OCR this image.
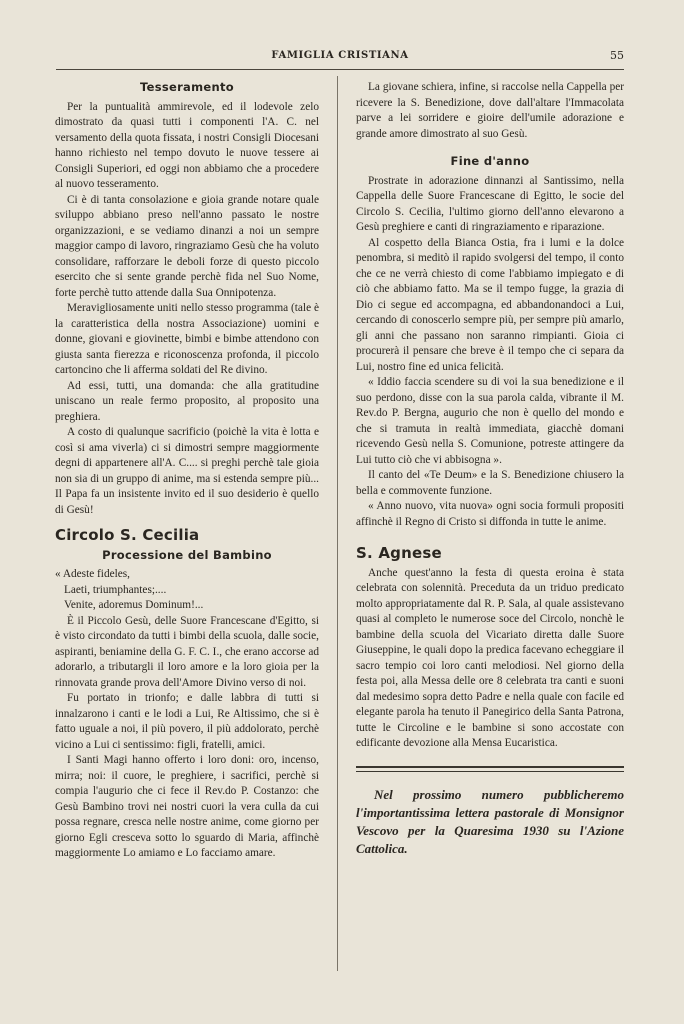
FAMIGLIA CRISTIANA	55
Tesseramento

Per la puntualità ammirevole, ed il lodevole zelo dimostrato da quasi tutti i componenti l'A. C. nel versamento della quota fissata, i nostri Consigli Diocesani hanno richiesto nel tempo dovuto le nuove tessere ai Consigli Superiori, ed oggi non abbiamo che a procedere al nuovo tesseramento.

Ci è di tanta consolazione e gioia grande notare quale sviluppo abbiano preso nell'anno passato le nostre organizzazioni, e se vediamo dinanzi a noi un sempre maggior campo di lavoro, ringraziamo Gesù che ha voluto consolidare, rafforzare le deboli forze di questo piccolo esercito che si sente grande perchè fida nel Suo Nome, forte perchè tutto attende dalla Sua Onnipotenza.

Meravigliosamente uniti nello stesso programma (tale è la caratteristica della nostra Associazione) uomini e donne, giovani e giovinette, bimbi e bimbe attendono con giusta santa fierezza e riconoscenza profonda, il piccolo cartoncino che li afferma soldati del Re divino.

Ad essi, tutti, una domanda: che alla gratitudine uniscano un reale fermo proposito, al proposito una preghiera.

A costo di qualunque sacrificio (poichè la vita è lotta e così si ama viverla) ci si dimostri sempre maggiormente degni di appartenere all'A. C.... si preghi perchè tale gioia non sia di un gruppo di anime, ma si estenda sempre più... Il Papa fa un insistente invito ed il suo desiderio è quello di Gesù!

Circolo S. Cecilia
Processione del Bambino

« Adeste fideles,

Laeti, triumphantes;....

Venite, adoremus Dominum!...

È il Piccolo Gesù, delle Suore Francescane d'Egitto, si è visto circondato da tutti i bimbi della scuola, dalle socie, aspiranti, beniamine della G. F. C. I., che erano accorse ad adorarlo, a tributargli il loro amore e la loro gioia per la rinnovata grande prova dell'Amore Divino verso di noi.

Fu portato in trionfo; e dalle labbra di tutti si innalzarono i canti e le lodi a Lui, Re Altissimo, che si è fatto uguale a noi, il più povero, il più addolorato, perchè vicino a Lui ci sentissimo: figli, fratelli, amici.

I Santi Magi hanno offerto i loro doni: oro, incenso, mirra; noi: il cuore, le preghiere, i sacrifici, perchè si compia l'augurio che ci fece il Rev.do P. Costanzo: che Gesù Bambino trovi nei nostri cuori la vera culla da cui possa regnare, cresca nelle nostre anime, come giorno per giorno Egli cresceva sotto lo sguardo di Maria, affinchè maggiormente Lo amiamo e Lo facciamo amare.

La giovane schiera, infine, si raccolse nella Cappella per ricevere la S. Benedizione, dove dall'altare l'Immacolata parve a lei sorridere e gioire dell'umile adorazione e grande amore dimostrato al suo Gesù.

Fine d'anno

Prostrate in adorazione dinnanzi al Santissimo, nella Cappella delle Suore Francescane di Egitto, le socie del Circolo S. Cecilia, l'ultimo giorno dell'anno elevarono a Gesù preghiere e canti di ringraziamento e riparazione.

Al cospetto della Bianca Ostia, fra i lumi e la dolce penombra, si meditò il rapido svolgersi del tempo, il conto che ce ne verrà chiesto di come l'abbiamo impiegato e di ciò che abbiamo fatto. Ma se il tempo fugge, la grazia di Dio ci segue ed accompagna, ed abbandonandoci a Lui, cercando di conoscerlo sempre più, per sempre più amarlo, gli anni che passano non saranno rimpianti. Gioia ci procurerà il pensare che breve è il tempo che ci separa da Lui, nostro fine ed unica felicità.

« Iddio faccia scendere su di voi la sua benedizione e il suo perdono, disse con la sua parola calda, vibrante il M. Rev.do P. Bergna, augurio che non è quello del mondo e che si tramuta in realtà immediata, giacchè domani ricevendo Gesù nella S. Comunione, potreste attingere da Lui tutto ciò che vi abbisogna ».

Il canto del «Te Deum» e la S. Benedizione chiusero la bella e commovente funzione.

« Anno nuovo, vita nuova» ogni socia formuli propositi affinchè il Regno di Cristo si diffonda in tutte le anime.

S. Agnese

Anche quest'anno la festa di questa eroina è stata celebrata con solennità. Preceduta da un triduo predicato molto appropriatamente dal R. P. Sala, al quale assistevano quasi al completo le numerose soce del Circolo, nonchè le bambine della scuola del Vicariato diretta dalle Suore Giuseppine, le quali dopo la predica facevano echeggiare il sacro tempio coi loro canti melodiosi. Nel giorno della festa poi, alla Messa delle ore 8 celebrata tra canti e suoni dal medesimo sopra detto Padre e nella quale con facile ed elegante parola ha tenuto il Panegirico della Santa Patrona, tutte le Circoline e le bambine si sono accostate con edificante devozione alla Mensa Eucaristica.

Nel prossimo numero pubblicheremo l'importantissima lettera pastorale di Monsignor Vescovo per la Quaresima 1930 su l'Azione Cattolica.
